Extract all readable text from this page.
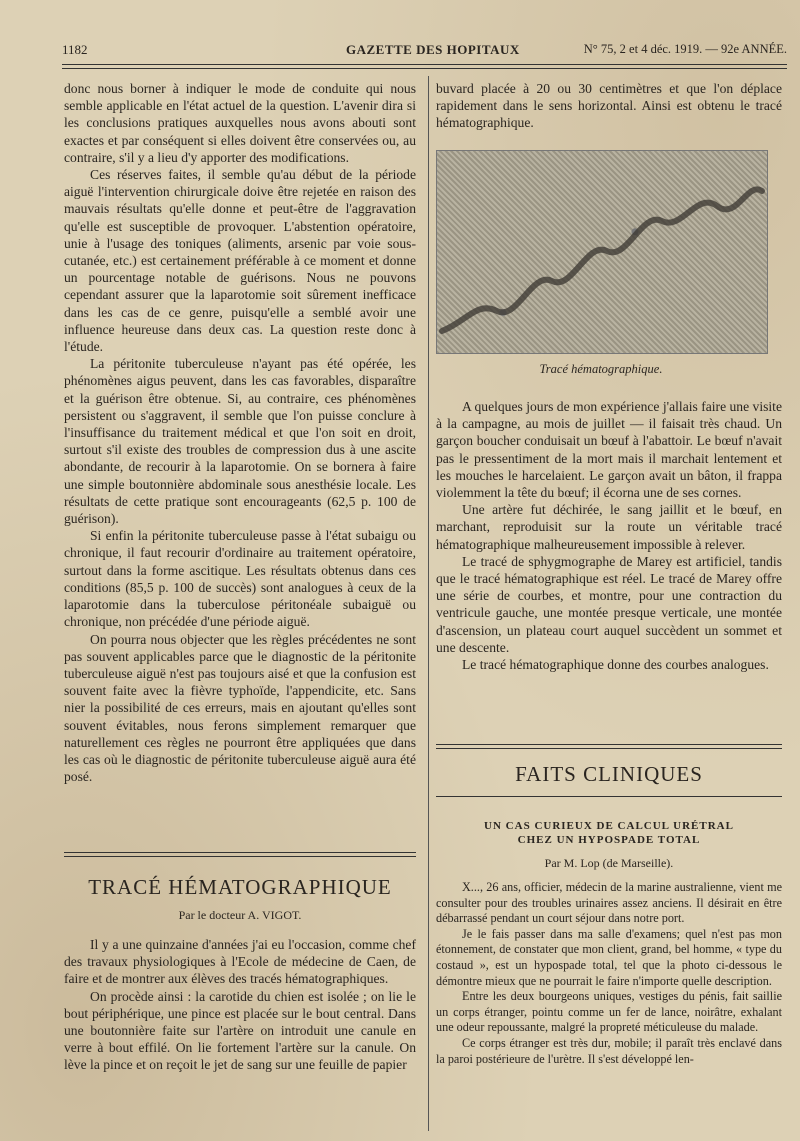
1182	GAZETTE DES HOPITAUX	N° 75, 2 et 4 déc. 1919. — 92e ANNÉE.

donc nous borner à indiquer le mode de conduite qui nous semble applicable en l'état actuel de la question. L'avenir dira si les conclusions pratiques auxquelles nous avons abouti sont exactes et par conséquent si elles doivent être conservées ou, au contraire, s'il y a lieu d'y apporter des modifications.

Ces réserves faites, il semble qu'au début de la période aiguë l'intervention chirurgicale doive être rejetée en raison des mauvais résultats qu'elle donne et peut-être de l'aggravation qu'elle est susceptible de provoquer. L'abstention opératoire, unie à l'usage des toniques (aliments, arsenic par voie sous-cutanée, etc.) est certainement préférable à ce moment et donne un pourcentage notable de guérisons. Nous ne pouvons cependant assurer que la laparotomie soit sûrement inefficace dans les cas de ce genre, puisqu'elle a semblé avoir une influence heureuse dans deux cas. La question reste donc à l'étude.

La péritonite tuberculeuse n'ayant pas été opérée, les phénomènes aigus peuvent, dans les cas favorables, disparaître et la guérison être obtenue. Si, au contraire, ces phénomènes persistent ou s'aggravent, il semble que l'on puisse conclure à l'insuffisance du traitement médical et que l'on soit en droit, surtout s'il existe des troubles de compression dus à une ascite abondante, de recourir à la laparotomie. On se bornera à faire une simple boutonnière abdominale sous anesthésie locale. Les résultats de cette pratique sont encourageants (62,5 p. 100 de guérison).

Si enfin la péritonite tuberculeuse passe à l'état subaigu ou chronique, il faut recourir d'ordinaire au traitement opératoire, surtout dans la forme ascitique. Les résultats obtenus dans ces conditions (85,5 p. 100 de succès) sont analogues à ceux de la laparotomie dans la tuberculose péritonéale subaiguë ou chronique, non précédée d'une période aiguë.

On pourra nous objecter que les règles précédentes ne sont pas souvent applicables parce que le diagnostic de la péritonite tuberculeuse aiguë n'est pas toujours aisé et que la confusion est souvent faite avec la fièvre typhoïde, l'appendicite, etc. Sans nier la possibilité de ces erreurs, mais en ajoutant qu'elles sont souvent évitables, nous ferons simplement remarquer que naturellement ces règles ne pourront être appliquées que dans les cas où le diagnostic de péritonite tuberculeuse aiguë aura été posé.

TRACÉ HÉMATOGRAPHIQUE
Par le docteur A. VIGOT.

Il y a une quinzaine d'années j'ai eu l'occasion, comme chef des travaux physiologiques à l'Ecole de médecine de Caen, de faire et de montrer aux élèves des tracés hématographiques.

On procède ainsi : la carotide du chien est isolée ; on lie le bout périphérique, une pince est placée sur le bout central. Dans une boutonnière faite sur l'artère on introduit une canule en verre à bout effilé. On lie fortement l'artère sur la canule. On lève la pince et on reçoit le jet de sang sur une feuille de papier

buvard placée à 20 ou 30 centimètres et que l'on déplace rapidement dans le sens horizontal. Ainsi est obtenu le tracé hématographique.

Tracé hématographique.

A quelques jours de mon expérience j'allais faire une visite à la campagne, au mois de juillet — il faisait très chaud. Un garçon boucher conduisait un bœuf à l'abattoir. Le bœuf n'avait pas le pressentiment de la mort mais il marchait lentement et les mouches le harcelaient. Le garçon avait un bâton, il frappa violemment la tête du bœuf; il écorna une de ses cornes.

Une artère fut déchirée, le sang jaillit et le bœuf, en marchant, reproduisit sur la route un véritable tracé hématographique malheureusement impossible à relever.

Le tracé de sphygmographe de Marey est artificiel, tandis que le tracé hématographique est réel. Le tracé de Marey offre une série de courbes, et montre, pour une contraction du ventricule gauche, une montée presque verticale, une montée d'ascension, un plateau court auquel succèdent un sommet et une descente.

Le tracé hématographique donne des courbes analogues.

FAITS CLINIQUES
UN CAS CURIEUX DE CALCUL URÉTRAL
CHEZ UN HYPOSPADE TOTAL
Par M. Lop (de Marseille).

X..., 26 ans, officier, médecin de la marine australienne, vient me consulter pour des troubles urinaires assez anciens. Il désirait en être débarrassé pendant un court séjour dans notre port.

Je le fais passer dans ma salle d'examens; quel n'est pas mon étonnement, de constater que mon client, grand, bel homme, « type du costaud », est un hypospade total, tel que la photo ci-dessous le démontre mieux que ne pourrait le faire n'importe quelle description.

Entre les deux bourgeons uniques, vestiges du pénis, fait saillie un corps étranger, pointu comme un fer de lance, noirâtre, exhalant une odeur repoussante, malgré la propreté méticuleuse du malade.

Ce corps étranger est très dur, mobile; il paraît très enclavé dans la paroi postérieure de l'urètre. Il s'est développé len-
